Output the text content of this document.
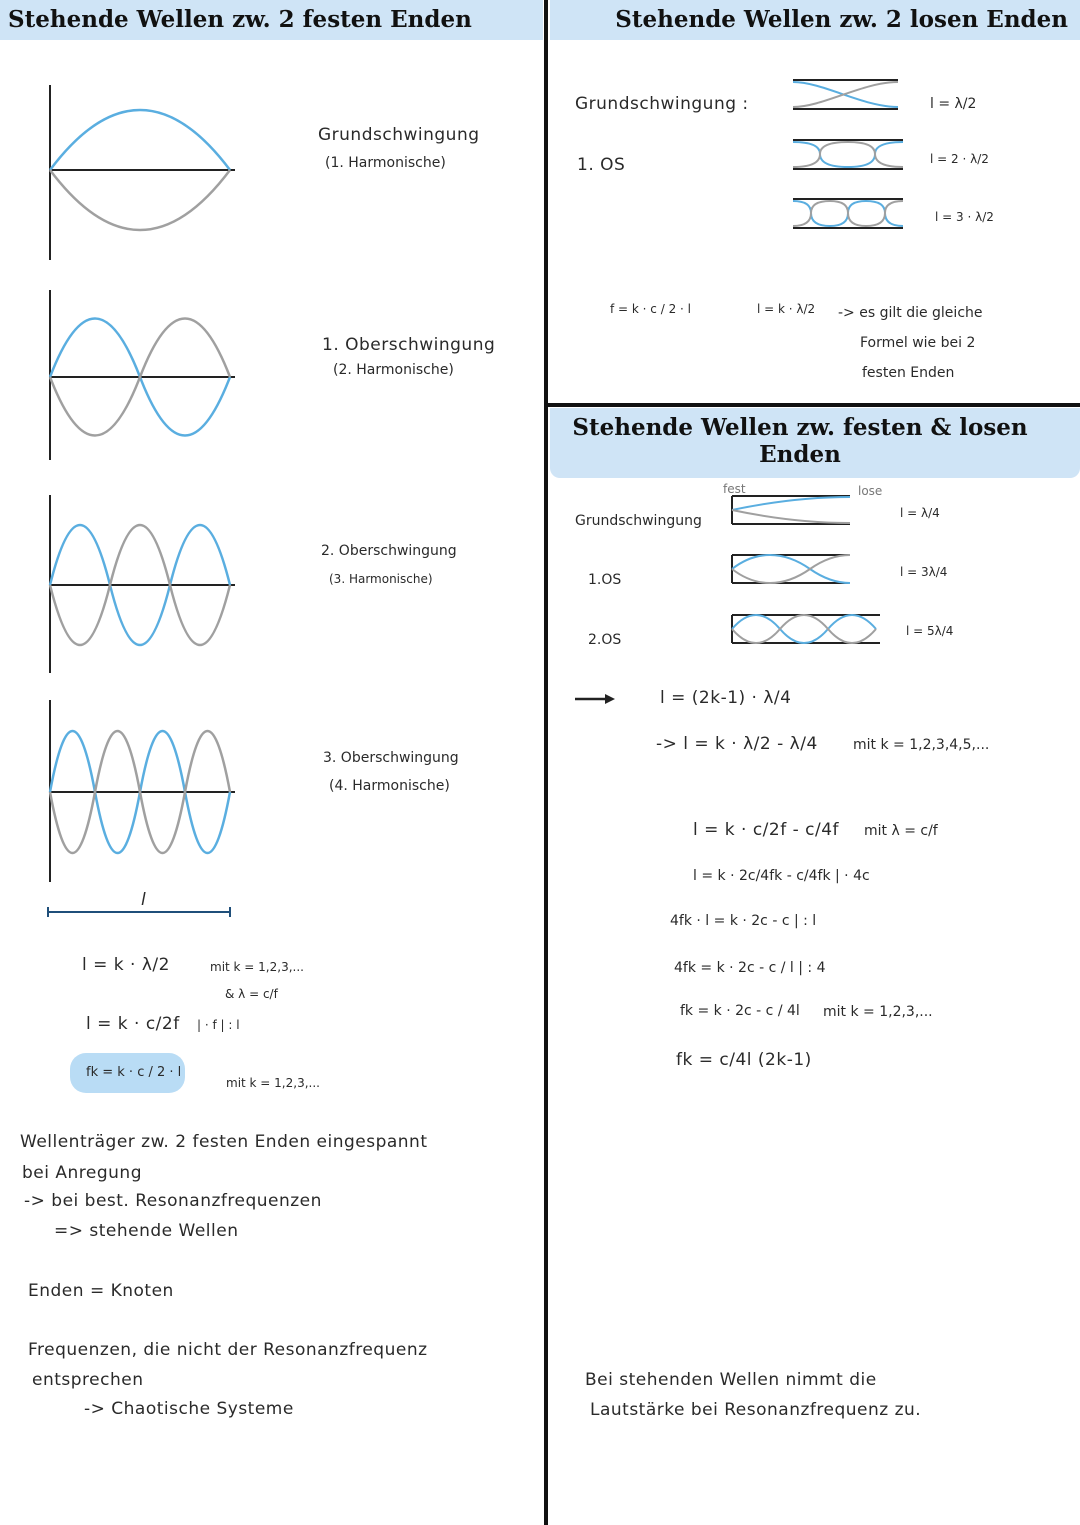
Stehende Wellen zw. 2 festen Enden	Stehende Wellen zw. 2 losen Enden
Stehende Wellen zw. festen & losen
Enden
l
Grundschwingung
(1. Harmonische)
1. Oberschwingung
(2. Harmonische)
2. Oberschwingung
(3. Harmonische)
3. Oberschwingung
(4. Harmonische)
l = k · λ/2	mit k = 1,2,3,...
& λ = c/f
l = k · c/2f | · f | : l
fk = k · c / 2 · l
mit k = 1,2,3,...
Wellenträger zw. 2 festen Enden eingespannt
bei Anregung
-> bei best. Resonanzfrequenzen
=> stehende Wellen
Enden = Knoten
Frequenzen, die nicht der Resonanzfrequenz
entsprechen
-> Chaotische Systeme
Grundschwingung :
1. OS
l = λ/2
l = 2 · λ/2
l = 3 · λ/2
f = k · c / 2 · l	l = k · λ/2 -> es gilt die gleiche
Formel wie bei 2
festen Enden
fest	lose
Grundschwingung
1.OS
2.OS
l = λ/4
l = 3λ/4
l = 5λ/4
l = (2k-1) · λ/4
-> l = k · λ/2 - λ/4	mit k = 1,2,3,4,5,...
l = k · c/2f - c/4f mit λ = c/f
l = k · 2c/4fk - c/4fk | · 4c
4fk · l = k · 2c - c | : l
4fk = k · 2c - c / l | : 4
fk = k · 2c - c / 4l mit k = 1,2,3,...
fk = c/4l (2k-1)
Bei stehenden Wellen nimmt die
Lautstärke bei Resonanzfrequenz zu.
